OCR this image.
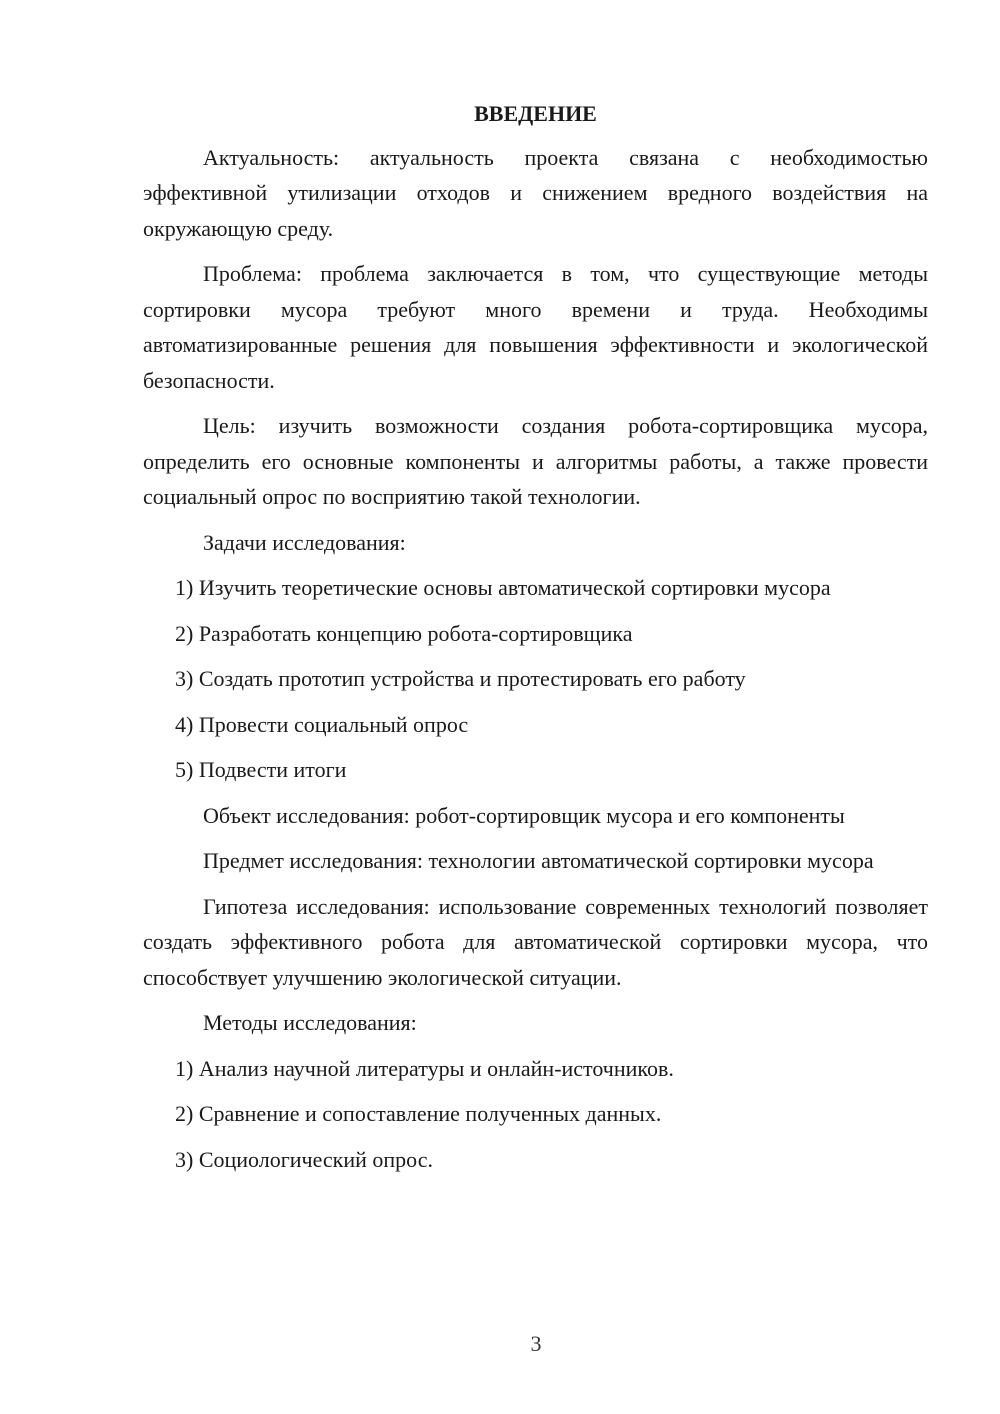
ВВЕДЕНИЕ

Актуальность: актуальность проекта связана с необходимостью эффективной утилизации отходов и снижением вредного воздействия на окружающую среду.

Проблема: проблема заключается в том, что существующие методы сортировки мусора требуют много времени и труда. Необходимы автоматизированные решения для повышения эффективности и экологической безопасности.

Цель: изучить возможности создания робота-сортировщика мусора, определить его основные компоненты и алгоритмы работы, а также провести социальный опрос по восприятию такой технологии.

Задачи исследования:

1) Изучить теоретические основы автоматической сортировки мусора
2) Разработать концепцию робота-сортировщика
3) Создать прототип устройства и протестировать его работу
4) Провести социальный опрос
5) Подвести итоги

Объект исследования: робот-сортировщик мусора и его компоненты

Предмет исследования: технологии автоматической сортировки мусора

Гипотеза исследования: использование современных технологий позволяет создать эффективного робота для автоматической сортировки мусора, что способствует улучшению экологической ситуации.

Методы исследования:

1) Анализ научной литературы и онлайн-источников.
2) Сравнение и сопоставление полученных данных.
3) Социологический опрос.
3
